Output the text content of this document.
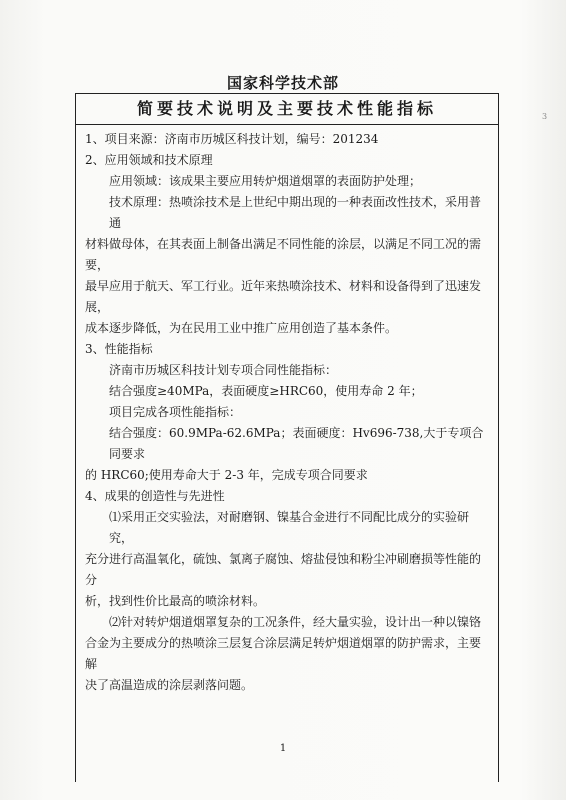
3
国家科学技术部
简要技术说明及主要技术性能指标

1、项目来源：济南市历城区科技计划，编号：201234

2、应用领域和技术原理

应用领域：该成果主要应用转炉烟道烟罩的表面防护处理；

技术原理：热喷涂技术是上世纪中期出现的一种表面改性技术，采用普通

材料做母体，在其表面上制备出满足不同性能的涂层，以满足不同工况的需要，

最早应用于航天、军工行业。近年来热喷涂技术、材料和设备得到了迅速发展，

成本逐步降低，为在民用工业中推广应用创造了基本条件。

3、性能指标

济南市历城区科技计划专项合同性能指标：

结合强度≥40MPa，表面硬度≥HRC60，使用寿命 2 年；

项目完成各项性能指标：

结合强度：60.9MPa-62.6MPa；表面硬度：Hv696-738,大于专项合同要求

的 HRC60;使用寿命大于 2-3 年，完成专项合同要求

4、成果的创造性与先进性

⑴采用正交实验法，对耐磨钢、镍基合金进行不同配比成分的实验研究，

充分进行高温氧化，硫蚀、氯离子腐蚀、熔盐侵蚀和粉尘冲刷磨损等性能的分

析，找到性价比最高的喷涂材料。

⑵针对转炉烟道烟罩复杂的工况条件，经大量实验，设计出一种以镍铬

合金为主要成分的热喷涂三层复合涂层满足转炉烟道烟罩的防护需求，主要解

决了高温造成的涂层剥落问题。

1
